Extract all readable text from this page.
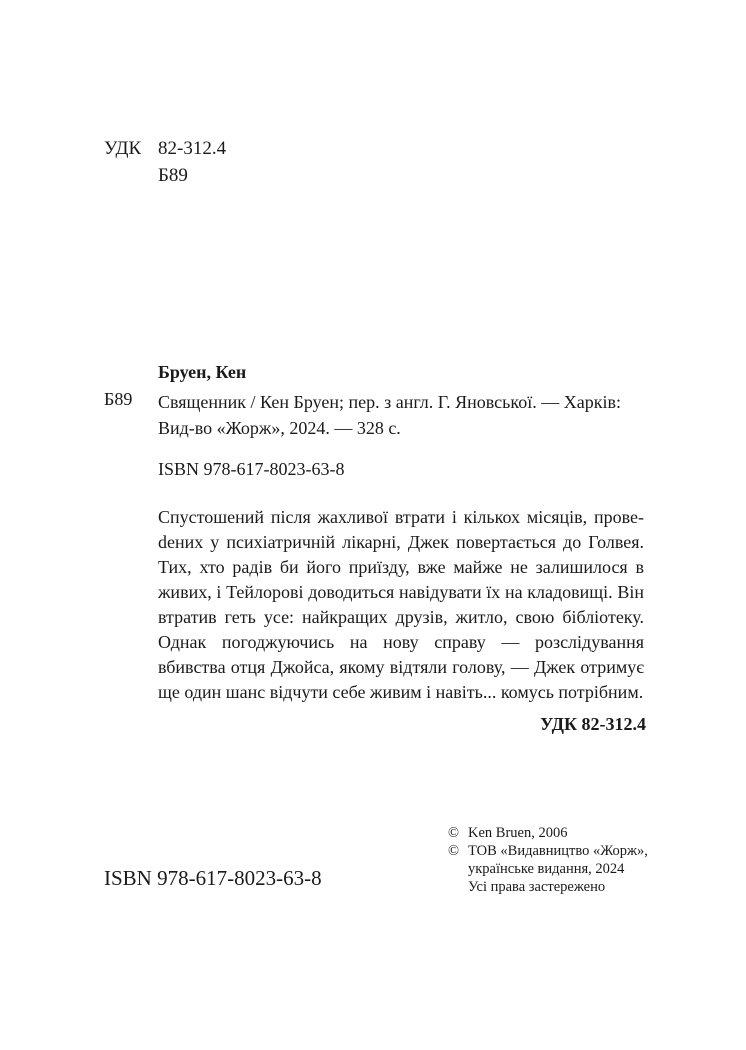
УДК 82-312.4
Б89
Бруен, Кен
Б89 Священник / Кен Бруен; пер. з англ. Г. Яновської. — Харків: Вид-во «Жорж», 2024. — 328 с.
ISBN 978-617-8023-63-8
Спустошений після жахливої втрати і кількох місяців, провеdених у психіатричній лікарні, Джек повертається до Голвея. Тих, хто радів би його приїзду, вже майже не залишилося в живих, і Тейлорові доводиться навідувати їх на кладовищі. Він втратив геть усе: найкращих друзів, житло, свою бібліотеку. Однак погоджуючись на нову справу — розслідування вбивства отця Джойса, якому відтяли голову, — Джек отримує ще один шанс відчути себе живим і навіть... комусь потрібним.
УДК 82-312.4
© Ken Bruen, 2006
© ТОВ «Видавництво «Жорж»,
українське видання, 2024
Усі права застережено
ISBN 978-617-8023-63-8
